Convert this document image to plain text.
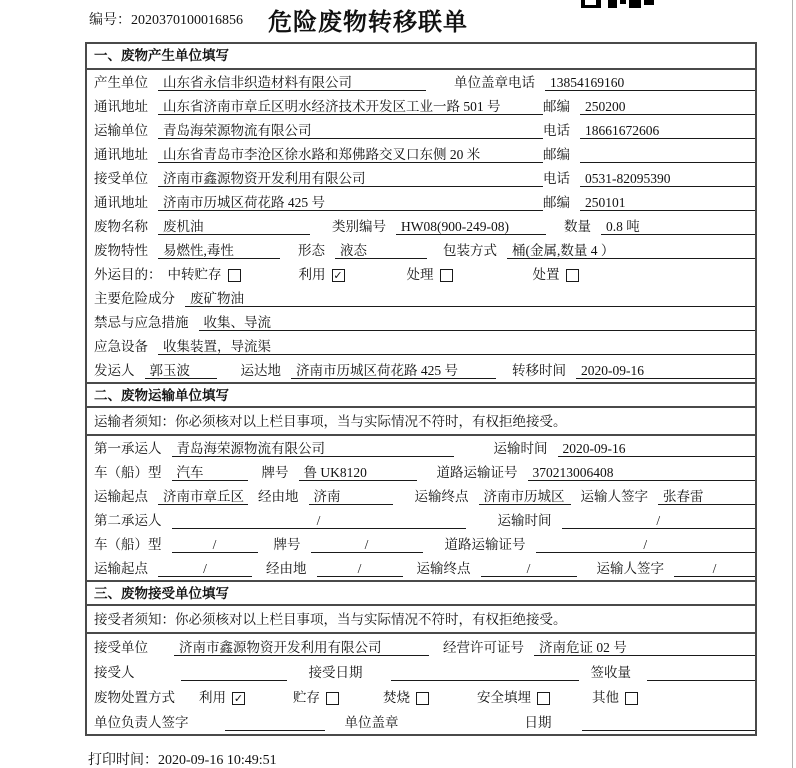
编号：2020370100016856	危险废物转移联单
一、废物产生单位填写
产生单位	山东省永信非织造材料有限公司	单位盖章 电话	13854169160
通讯地址	山东省济南市章丘区明水经济技术开发区工业一路 501 号	邮编	250200
运输单位	青岛海荣源物流有限公司	电话	18661672606
通讯地址	山东省青岛市李沧区徐水路和郑佛路交叉口东侧 20 米	邮编
接受单位	济南市鑫源物资开发利用有限公司	电话	0531-82095390
通讯地址	济南市历城区荷花路 425 号	邮编	250101
废物名称	废机油	类别编号	HW08(900-249-08)	数量	0.8 吨
废物特性	易燃性,毒性	形态	液态	包装方式	桶(金属,数量 4 ）
外运目的： 中转贮存	利用 ✓	处理	处置
主要危险成分	废矿物油
禁忌与应急措施	收集、导流
应急设备	收集装置，导流渠
发运人	郭玉波	运达地	济南市历城区荷花路 425 号	转移时间	2020-09-16
二、废物运输单位填写
运输者须知：你必须核对以上栏目事项，当与实际情况不符时，有权拒绝接受。
第一承运人	青岛海荣源物流有限公司	运输时间	2020-09-16
车（船）型	汽车	牌号	鲁 UK8120	道路运输证号	370213006408
运输起点	济南市章丘区 经由地	济南	运输终点	济南市历城区	运输人签字	张春雷
第二承运人	/	运输时间	/
车（船）型	/	牌号	/	道路运输证号	/
运输起点	/	经由地	/	运输终点	/	运输人签字	/
三、废物接受单位填写
接受者须知：你必须核对以上栏目事项，当与实际情况不符时，有权拒绝接受。
接受单位	济南市鑫源物资开发利用有限公司	经营许可证号	济南危证 02 号
接受人	接受日期	签收量
废物处置方式 利用 ✓	贮存	焚烧	安全填埋	其他
单位负责人签字	单位盖章	日期
打印时间：2020-09-16 10:49:51
